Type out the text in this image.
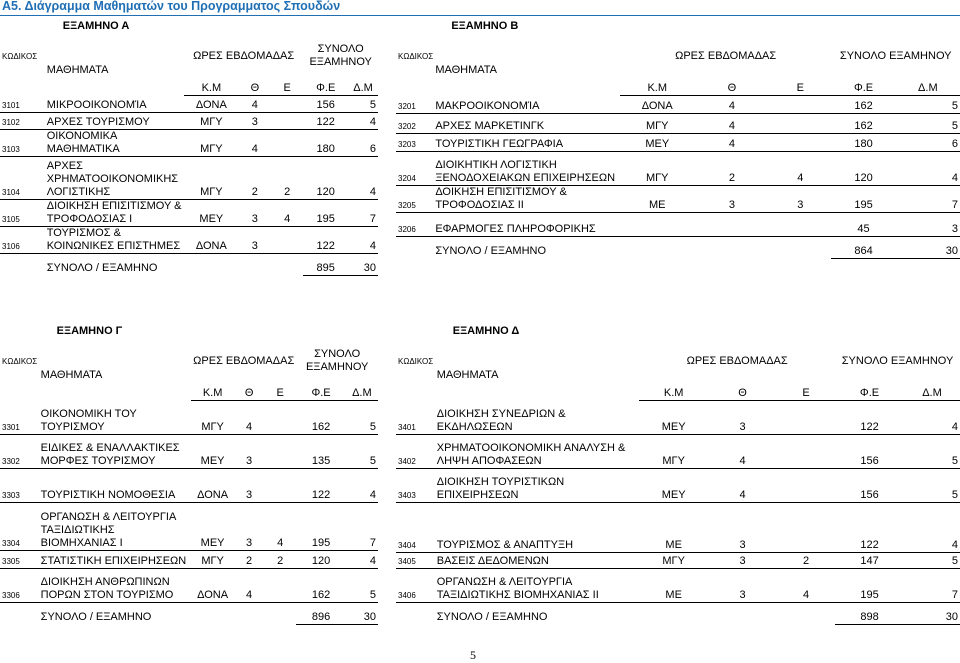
Α5. Διάγραμμα Μαθηματών του Προγραμματος Σπουδών
	ΕΞΑΜΗΝΟ Α					
ΚΩΔΙΚΟΣ	ΜΑΘΗΜΑΤΑ	ΩΡΕΣ ΕΒΔΟΜΑΔΑΣ			ΣΥΝΟΛΟ ΕΞΑΜΗΝΟΥ	
		Κ.Μ	Θ	Ε	Φ.Ε	Δ.Μ
3101	ΜΙΚΡΟΟΙΚΟΝΟΜΊΑ	ΔΟΝΑ	4		156	5
3102	ΑΡΧΕΣ ΤΟΥΡΙΣΜΟΥ	ΜΓΥ	3		122	4
3103	ΟΙΚΟΝΟΜΙΚΑ ΜΑΘΗΜΑΤΙΚΑ	ΜΓΥ	4		180	6
3104	ΑΡΧΕΣ ΧΡΗΜΑΤΟΟΙΚΟΝΟΜΙΚΗΣ ΛΟΓΙΣΤΙΚΗΣ	ΜΓΥ	2	2	120	4
3105	ΔΙΟΙΚΗΣΗ ΕΠΙΣΙΤΙΣΜΟΥ & ΤΡΟΦΟΔΟΣΙΑΣ Ι	ΜΕΥ	3	4	195	7
3106	ΤΟΥΡΙΣΜΟΣ & ΚΟΙΝΩΝΙΚΕΣ ΕΠΙΣΤΗΜΕΣ	ΔΟΝΑ	3		122	4
	ΣΥΝΟΛΟ / ΕΞΑΜΗΝΟ				895	30
	ΕΞΑΜΗΝΟ Β					
ΚΩΔΙΚΟΣ	ΜΑΘΗΜΑΤΑ	ΩΡΕΣ ΕΒΔΟΜΑΔΑΣ			ΣΥΝΟΛΟ ΕΞΑΜΗΝΟΥ	
		Κ.Μ	Θ	Ε	Φ.Ε	Δ.Μ
3201	ΜΑΚΡΟΟΙΚΟΝΟΜΊΑ	ΔΟΝΑ	4		162	5
3202	ΑΡΧΕΣ ΜΑΡΚΕΤΙΝΓΚ	ΜΓΥ	4		162	5
3203	ΤΟΥΡΙΣΤΙΚΗ ΓΕΩΓΡΑΦΙΑ	ΜΕΥ	4		180	6
3204	ΔΙΟΙΚΗΤΙΚΗ ΛΟΓΙΣΤΙΚΗ ΞΕΝΟΔΟΧΕΙΑΚΩΝ ΕΠΙΧΕΙΡΗΣΕΩΝ	ΜΓΥ	2	4	120	4
3205	ΔΟΙΚΗΣΗ ΕΠΙΣΙΤΙΣΜΟΥ & ΤΡΟΦΟΔΟΣΙΑΣ ΙΙ	ΜΕ	3	3	195	7
3206	ΕΦΑΡΜΟΓΕΣ ΠΛΗΡΟΦΟΡΙΚΗΣ				45	3
	ΣΥΝΟΛΟ / ΕΞΑΜΗΝΟ				864	30
	ΕΞΑΜΗΝΟ Γ					
ΚΩΔΙΚΟΣ	ΜΑΘΗΜΑΤΑ	ΩΡΕΣ ΕΒΔΟΜΑΔΑΣ			ΣΥΝΟΛΟ ΕΞΑΜΗΝΟΥ	
		Κ.Μ	Θ	Ε	Φ.Ε	Δ.Μ
3301	ΟΙΚΟΝΟΜΙΚΗ ΤΟΥ ΤΟΥΡΙΣΜΟΥ	ΜΓΥ	4		162	5
3302	ΕΙΔΙΚΕΣ & ΕΝΑΛΛΑΚΤΙΚΕΣ ΜΟΡΦΕΣ ΤΟΥΡΙΣΜΟΥ	ΜΕΥ	3		135	5
3303	ΤΟΥΡΙΣΤΙΚΗ ΝΟΜΟΘΕΣΙΑ	ΔΟΝΑ	3		122	4
3304	ΟΡΓΑΝΩΣΗ & ΛΕΙΤΟΥΡΓΙΑ ΤΑΞΙΔΙΩΤΙΚΗΣ ΒΙΟΜΗΧΑΝΙΑΣ Ι	ΜΕΥ	3	4	195	7
3305	ΣΤΑΤΙΣΤΙΚΗ ΕΠΙΧΕΙΡΗΣΕΩΝ	ΜΓΥ	2	2	120	4
3306	ΔΙΟΙΚΗΣΗ ΑΝΘΡΩΠΙΝΩΝ ΠΟΡΩΝ ΣΤΟΝ ΤΟΥΡΙΣΜΟ	ΔΟΝΑ	4		162	5
	ΣΥΝΟΛΟ / ΕΞΑΜΗΝΟ				896	30
	ΕΞΑΜΗΝΟ Δ					
ΚΩΔΙΚΟΣ	ΜΑΘΗΜΑΤΑ	ΩΡΕΣ ΕΒΔΟΜΑΔΑΣ			ΣΥΝΟΛΟ ΕΞΑΜΗΝΟΥ	
		Κ.Μ	Θ	Ε	Φ.Ε	Δ.Μ
3401	ΔΙΟΙΚΗΣΗ ΣΥΝΕΔΡΙΩΝ & ΕΚΔΗΛΩΣΕΩΝ	ΜΕΥ	3		122	4
3402	ΧΡΗΜΑΤΟΟΙΚΟΝΟΜΙΚΗ ΑΝΑΛΥΣΗ & ΛΗΨΗ ΑΠΟΦΑΣΕΩΝ	ΜΓΥ	4		156	5
3403	ΔΙΟΙΚΗΣΗ ΤΟΥΡΙΣΤΙΚΩΝ ΕΠΙΧΕΙΡΗΣΕΩΝ	ΜΕΥ	4		156	5
3404	ΤΟΥΡΙΣΜΟΣ & ΑΝΑΠΤΥΞΗ	ΜΕ	3		122	4
3405	ΒΑΣΕΙΣ ΔΕΔΟΜΕΝΩΝ	ΜΓΥ	3	2	147	5
3406	ΟΡΓΑΝΩΣΗ & ΛΕΙΤΟΥΡΓΙΑ ΤΑΞΙΔΙΩΤΙΚΗΣ ΒΙΟΜΗΧΑΝΙΑΣ ΙΙ	ΜΕ	3	4	195	7
	ΣΥΝΟΛΟ / ΕΞΑΜΗΝΟ				898	30
5
